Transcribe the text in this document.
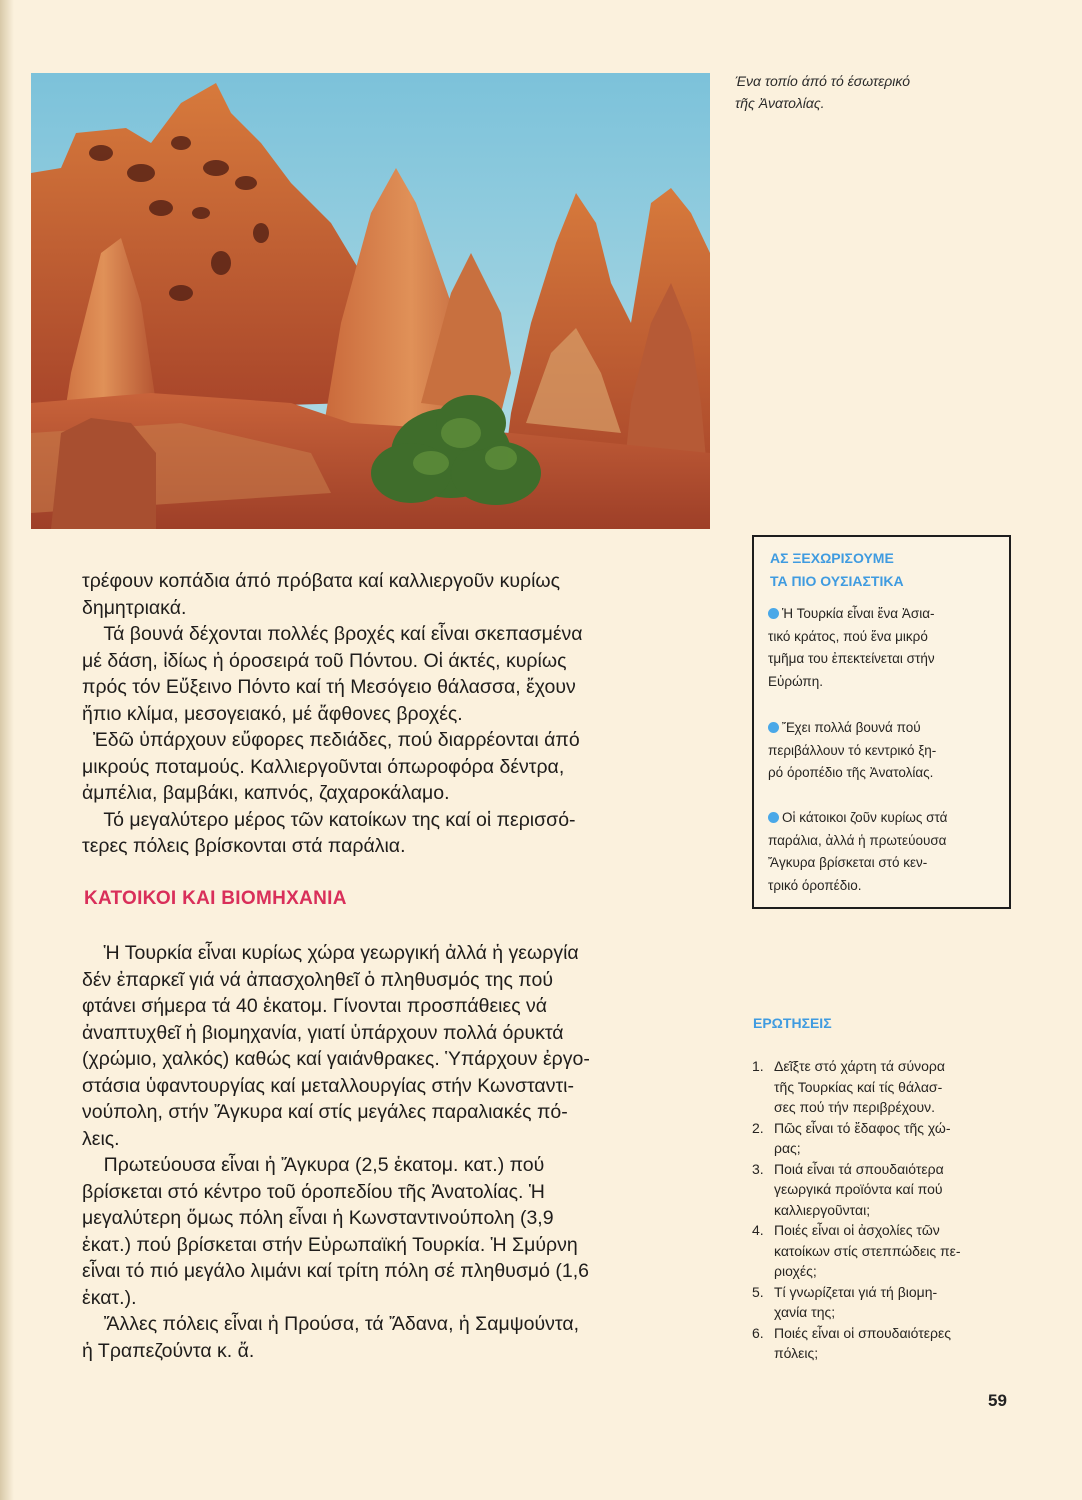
Ένα τοπίο άπό τό έσωτερικό
τῆς Ἀνατολίας.
τρέφουν κοπάδια άπό πρόβατα καί καλλιεργοῦν κυρίως
δημητριακά.
Τά βουνά δέχονται πολλές βροχές καί εἶναι σκεπασμένα
μέ δάση, ἰδίως ἡ όροσειρά τοῦ Πόντου. Οἱ άκτές, κυρίως
πρός τόν Εὔξεινο Πόντο καί τή Μεσόγειο θάλασσα, ἔχουν
ἤπιο κλίμα, μεσογειακό, μέ ἄφθονες βροχές.
Ἐδῶ ὑπάρχουν εὔφορες πεδιάδες, πού διαρρέονται άπό
μικρούς ποταμούς. Καλλιεργοῦνται όπωροφόρα δέντρα,
ἀμπέλια, βαμβάκι, καπνός, ζαχαροκάλαμο.
Τό μεγαλύτερο μέρος τῶν κατοίκων της καί οἱ περισσό-
τερες πόλεις βρίσκονται στά παράλια.
ΚΑΤΟΙΚΟΙ ΚΑΙ ΒΙΟΜΗΧΑΝΙΑ
Ἡ Τουρκία εἶναι κυρίως χώρα γεωργική ἀλλά ἡ γεωργία
δέν ἐπαρκεῖ γιά νά ἀπασχοληθεῖ ὁ πληθυσμός της πού
φτάνει σήμερα τά 40 ἑκατομ. Γίνονται προσπάθειες νά
ἀναπτυχθεῖ ἡ βιομηχανία, γιατί ὑπάρχουν πολλά όρυκτά
(χρώμιο, χαλκός) καθώς καί γαιάνθρακες. Ὑπάρχουν ἐργο-
στάσια ὑφαντουργίας καί μεταλλουργίας στήν Κωνσταντι-
νούπολη, στήν Ἄγκυρα καί στίς μεγάλες παραλιακές πό-
λεις.
Πρωτεύουσα εἶναι ἡ Ἄγκυρα (2,5 ἑκατομ. κατ.) πού
βρίσκεται στό κέντρο τοῦ όροπεδίου τῆς Ἀνατολίας. Ἡ
μεγαλύτερη ὅμως πόλη εἶναι ἡ Κωνσταντινούπολη (3,9
ἑκατ.) πού βρίσκεται στήν Εὐρωπαϊκή Τουρκία. Ἡ Σμύρνη
εἶναι τό πιό μεγάλο λιμάνι καί τρίτη πόλη σέ πληθυσμό (1,6
ἑκατ.).
Ἄλλες πόλεις εἶναι ἡ Προύσα, τά Ἄδανα, ἡ Σαμψούντα,
ἡ Τραπεζούντα κ. ἄ.
ΑΣ ΞΕΧΩΡΙΣΟΥΜΕ
ΤΑ ΠΙΟ ΟΥΣΙΑΣΤΙΚΑ
Ἡ Τουρκία εἶναι ἕνα Ἀσια-
τικό κράτος, πού ἕνα μικρό
τμῆμα του ἐπεκτείνεται στήν
Εὐρώπη.
Ἔχει πολλά βουνά πού
περιβάλλουν τό κεντρικό ξη-
ρό όροπέδιο τῆς Ἀνατολίας.
Οἱ κάτοικοι ζοῦν κυρίως στά
παράλια, ἀλλά ἡ πρωτεύουσα
Ἄγκυρα βρίσκεται στό κεν-
τρικό όροπέδιο.
ΕΡΩΤΗΣΕΙΣ
1. Δεῖξτε στό χάρτη τά σύνορα
τῆς Τουρκίας καί τίς θάλασ-
σες πού τήν περιβρέχουν.
2. Πῶς εἶναι τό ἔδαφος τῆς χώ-
ρας;
3. Ποιά εἶναι τά σπουδαιότερα
γεωργικά προϊόντα καί πού
καλλιεργοῦνται;
4. Ποιές εἶναι οἱ ἀσχολίες τῶν
κατοίκων στίς στεππώδεις πε-
ριοχές;
5. Τί γνωρίζεται γιά τή βιομη-
χανία της;
6. Ποιές εἶναι οἱ σπουδαιότερες
πόλεις;
59
